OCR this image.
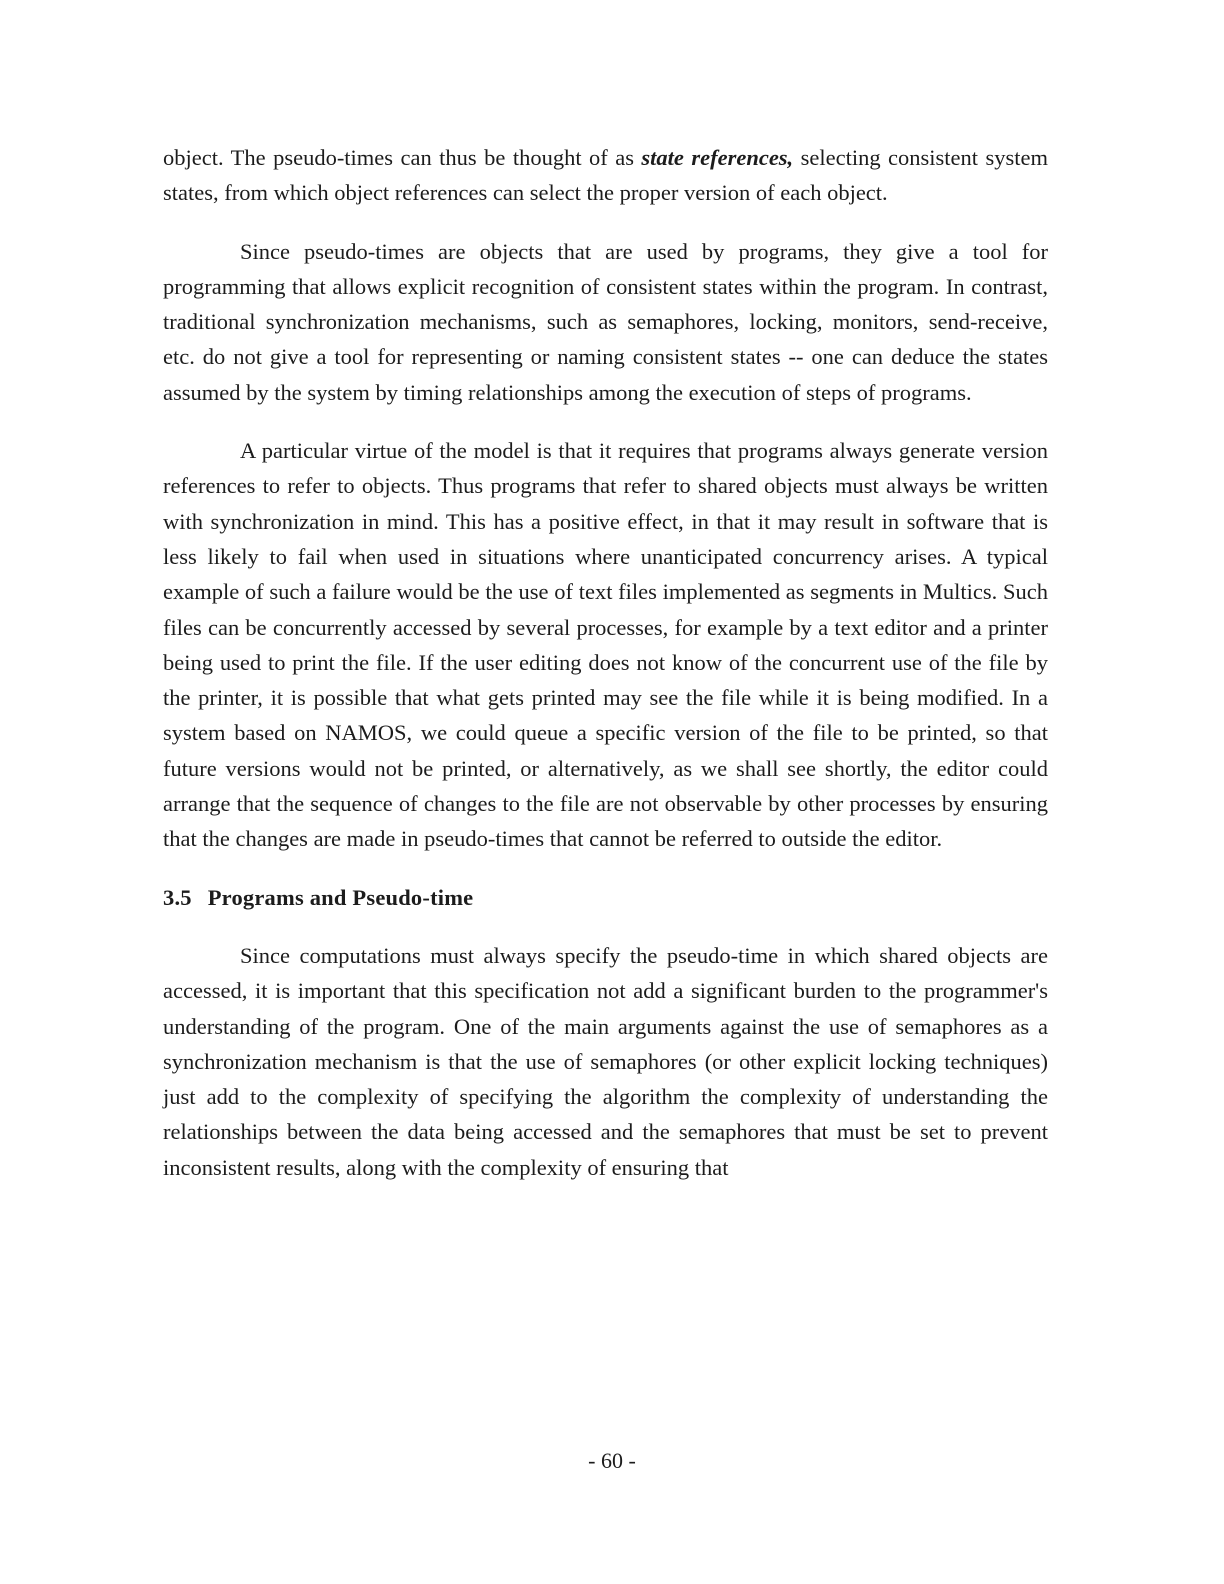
object. The pseudo-times can thus be thought of as state references, selecting consistent system states, from which object references can select the proper version of each object.

Since pseudo-times are objects that are used by programs, they give a tool for programming that allows explicit recognition of consistent states within the program. In contrast, traditional synchronization mechanisms, such as semaphores, locking, monitors, send-receive, etc. do not give a tool for representing or naming consistent states -- one can deduce the states assumed by the system by timing relationships among the execution of steps of programs.

A particular virtue of the model is that it requires that programs always generate version references to refer to objects. Thus programs that refer to shared objects must always be written with synchronization in mind. This has a positive effect, in that it may result in software that is less likely to fail when used in situations where unanticipated concurrency arises. A typical example of such a failure would be the use of text files implemented as segments in Multics. Such files can be concurrently accessed by several processes, for example by a text editor and a printer being used to print the file. If the user editing does not know of the concurrent use of the file by the printer, it is possible that what gets printed may see the file while it is being modified. In a system based on NAMOS, we could queue a specific version of the file to be printed, so that future versions would not be printed, or alternatively, as we shall see shortly, the editor could arrange that the sequence of changes to the file are not observable by other processes by ensuring that the changes are made in pseudo-times that cannot be referred to outside the editor.

3.5 Programs and Pseudo-time

Since computations must always specify the pseudo-time in which shared objects are accessed, it is important that this specification not add a significant burden to the programmer's understanding of the program. One of the main arguments against the use of semaphores as a synchronization mechanism is that the use of semaphores (or other explicit locking techniques) just add to the complexity of specifying the algorithm the complexity of understanding the relationships between the data being accessed and the semaphores that must be set to prevent inconsistent results, along with the complexity of ensuring that

- 60 -
